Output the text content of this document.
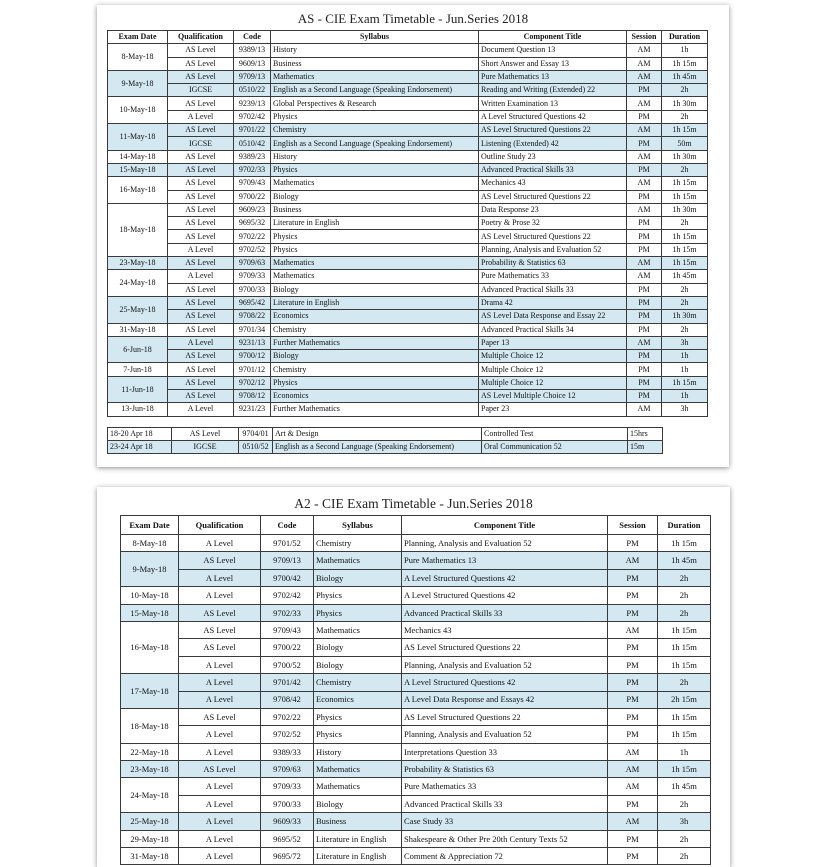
AS - CIE Exam Timetable - Jun.Series 2018
Exam Date	Qualification	Code	Syllabus	Component Title	Session	Duration
8-May-18	AS Level	9389/13	History	Document Question 13	AM	1h
	AS Level	9609/13	Business	Short Answer and Essay 13	AM	1h 15m
9-May-18	AS Level	9709/13	Mathematics	Pure Mathematics 13	AM	1h 45m
	IGCSE	0510/22	English as a Second Language (Speaking Endorsement)	Reading and Writing (Extended) 22	PM	2h
10-May-18	AS Level	9239/13	Global Perspectives & Research	Written Examination 13	AM	1h 30m
	A Level	9702/42	Physics	A Level Structured Questions 42	PM	2h
11-May-18	AS Level	9701/22	Chemistry	AS Level Structured Questions 22	AM	1h 15m
	IGCSE	0510/42	English as a Second Language (Speaking Endorsement)	Listening (Extended) 42	PM	50m
14-May-18	AS Level	9389/23	History	Outline Study 23	AM	1h 30m
15-May-18	AS Level	9702/33	Physics	Advanced Practical Skills 33	PM	2h
16-May-18	AS Level	9709/43	Mathematics	Mechanics 43	AM	1h 15m
	AS Level	9700/22	Biology	AS Level Structured Questions 22	PM	1h 15m
18-May-18	AS Level	9609/23	Business	Data Response 23	AM	1h 30m
	AS Level	9695/32	Literature in English	Poetry & Prose 32	PM	2h
	AS Level	9702/22	Physics	AS Level Structured Questions 22	PM	1h 15m
	A Level	9702/52	Physics	Planning, Analysis and Evaluation 52	PM	1h 15m
23-May-18	AS Level	9709/63	Mathematics	Probability & Statistics 63	AM	1h 15m
24-May-18	A Level	9709/33	Mathematics	Pure Mathematics 33	AM	1h 45m
	AS Level	9700/33	Biology	Advanced Practical Skills 33	PM	2h
25-May-18	AS Level	9695/42	Literature in English	Drama 42	PM	2h
	AS Level	9708/22	Economics	AS Level Data Response and Essay 22	PM	1h 30m
31-May-18	AS Level	9701/34	Chemistry	Advanced Practical Skills 34	PM	2h
6-Jun-18	A Level	9231/13	Further Mathematics	Paper 13	AM	3h
	AS Level	9700/12	Biology	Multiple Choice 12	PM	1h
7-Jun-18	AS Level	9701/12	Chemistry	Multiple Choice 12	PM	1h
11-Jun-18	AS Level	9702/12	Physics	Multiple Choice 12	PM	1h 15m
	AS Level	9708/12	Economics	AS Level Multiple Choice 12	PM	1h
13-Jun-18	A Level	9231/23	Further Mathematics	Paper 23	AM	3h
18-20 Apr 18	AS Level	9704/01	Art & Design	Controlled Test	15hrs
23-24 Apr 18	IGCSE	0510/52	English as a Second Language (Speaking Endorsement)	Oral Communication 52	15m
A2 - CIE Exam Timetable - Jun.Series 2018
Exam Date	Qualification	Code	Syllabus	Component Title	Session	Duration
8-May-18	A Level	9701/52	Chemistry	Planning, Analysis and Evaluation 52	PM	1h 15m
9-May-18	AS Level	9709/13	Mathematics	Pure Mathematics 13	AM	1h 45m
	A Level	9700/42	Biology	A Level Structured Questions 42	PM	2h
10-May-18	A Level	9702/42	Physics	A Level Structured Questions 42	PM	2h
15-May-18	AS Level	9702/33	Physics	Advanced Practical Skills 33	PM	2h
16-May-18	AS Level	9709/43	Mathematics	Mechanics 43	AM	1h 15m
	AS Level	9700/22	Biology	AS Level Structured Questions 22	PM	1h 15m
	A Level	9700/52	Biology	Planning, Analysis and Evaluation 52	PM	1h 15m
17-May-18	A Level	9701/42	Chemistry	A Level Structured Questions 42	PM	2h
	A Level	9708/42	Economics	A Level Data Response and Essays 42	PM	2h 15m
18-May-18	AS Level	9702/22	Physics	AS Level Structured Questions 22	PM	1h 15m
	A Level	9702/52	Physics	Planning, Analysis and Evaluation 52	PM	1h 15m
22-May-18	A Level	9389/33	History	Interpretations Question 33	AM	1h
23-May-18	AS Level	9709/63	Mathematics	Probability & Statistics 63	AM	1h 15m
24-May-18	A Level	9709/33	Mathematics	Pure Mathematics 33	AM	1h 45m
	A Level	9700/33	Biology	Advanced Practical Skills 33	PM	2h
25-May-18	A Level	9609/33	Business	Case Study 33	AM	3h
29-May-18	A Level	9695/52	Literature in English	Shakespeare & Other Pre 20th Century Texts 52	PM	2h
31-May-18	A Level	9695/72	Literature in English	Comment & Appreciation 72	PM	2h
